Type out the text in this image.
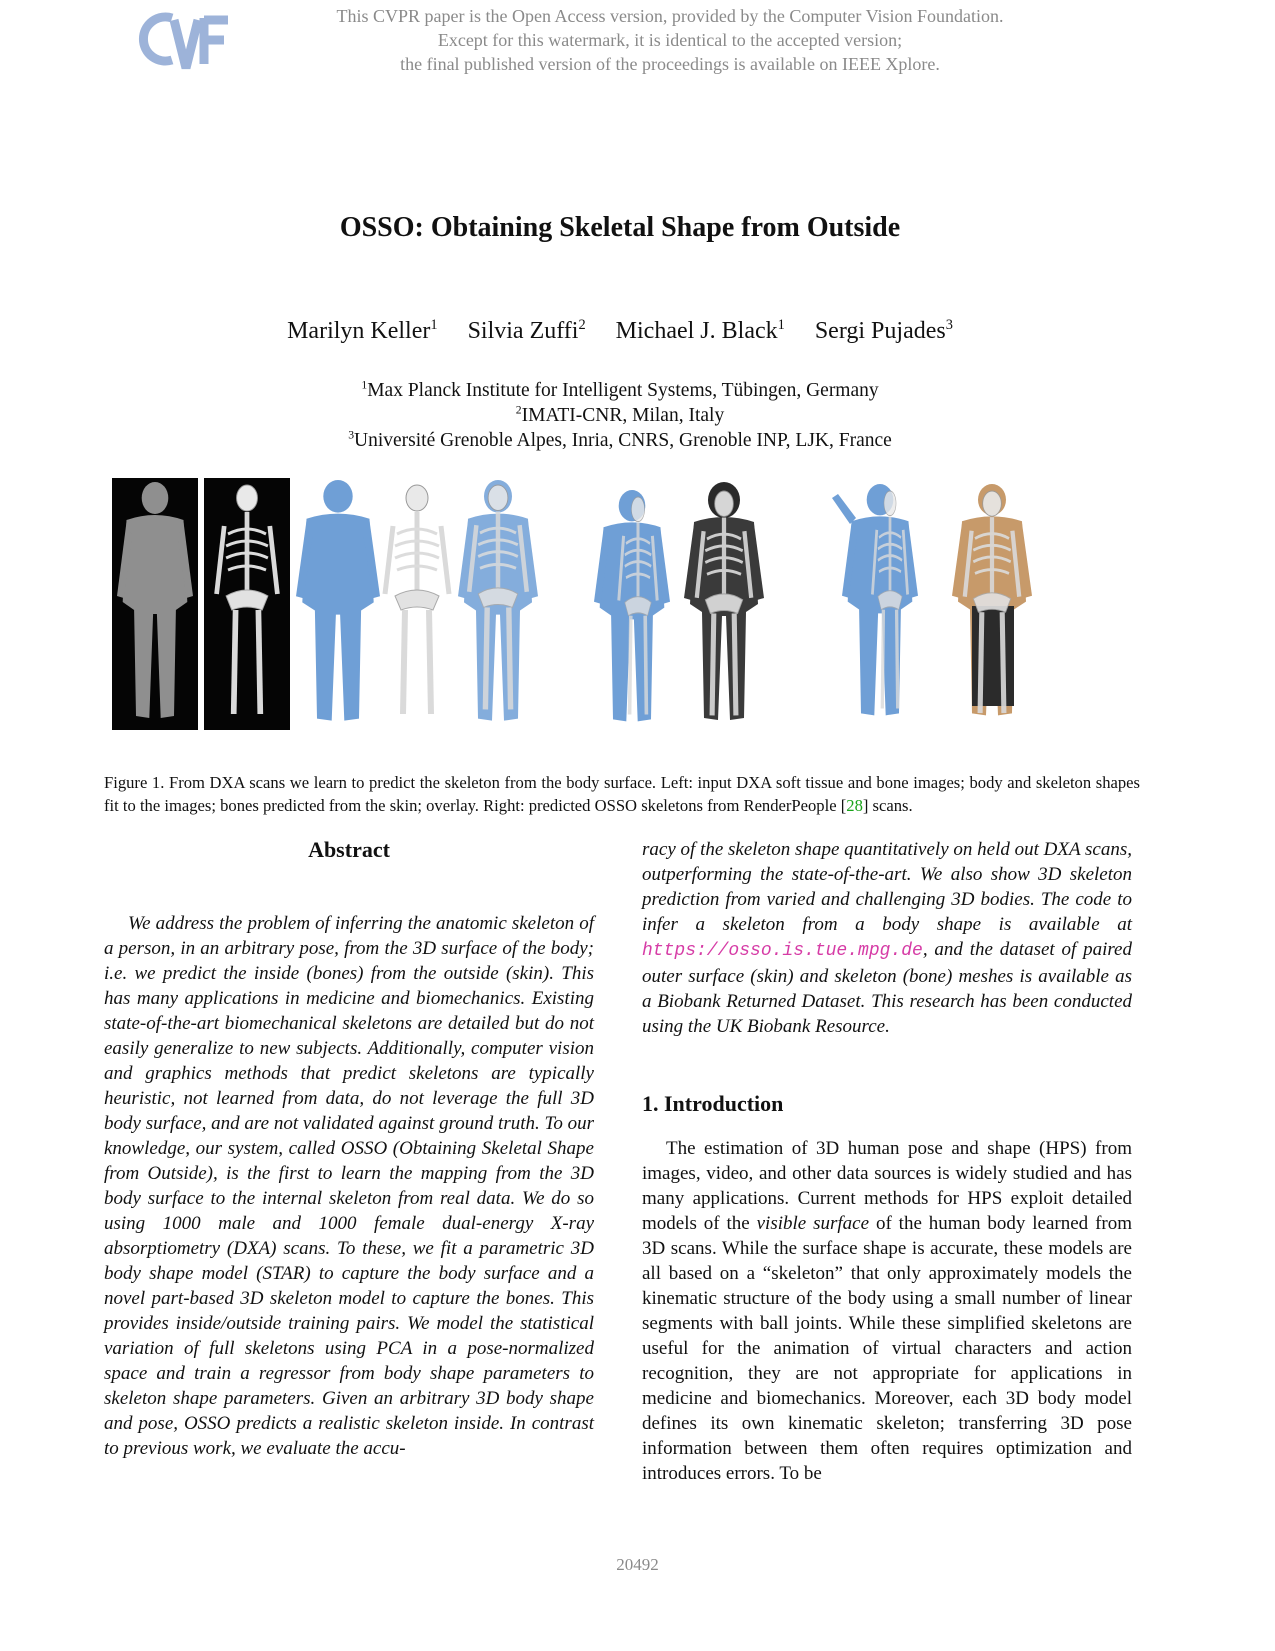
This CVPR paper is the Open Access version, provided by the Computer Vision Foundation.
Except for this watermark, it is identical to the accepted version;
the final published version of the proceedings is available on IEEE Xplore.
OSSO: Obtaining Skeletal Shape from Outside
Marilyn Keller$^1$ Silvia Zuffi$^2$ Michael J. Black$^1$ Sergi Pujades$^3$
$^1$Max Planck Institute for Intelligent Systems, Tübingen, Germany
$^2$IMATI-CNR, Milan, Italy
$^3$Université Grenoble Alpes, Inria, CNRS, Grenoble INP, LJK, France
Figure 1. From DXA scans we learn to predict the skeleton from the body surface. Left: input DXA soft tissue and bone images; body and skeleton shapes fit to the images; bones predicted from the skin; overlay. Right: predicted OSSO skeletons from RenderPeople [28] scans.
Abstract
We address the problem of inferring the anatomic skeleton of a person, in an arbitrary pose, from the 3D surface of the body; i.e. we predict the inside (bones) from the outside (skin). This has many applications in medicine and biomechanics. Existing state-of-the-art biomechanical skeletons are detailed but do not easily generalize to new subjects. Additionally, computer vision and graphics methods that predict skeletons are typically heuristic, not learned from data, do not leverage the full 3D body surface, and are not validated against ground truth. To our knowledge, our system, called OSSO (Obtaining Skeletal Shape from Outside), is the first to learn the mapping from the 3D body surface to the internal skeleton from real data. We do so using 1000 male and 1000 female dual-energy X-ray absorptiometry (DXA) scans. To these, we fit a parametric 3D body shape model (STAR) to capture the body surface and a novel part-based 3D skeleton model to capture the bones. This provides inside/outside training pairs. We model the statistical variation of full skeletons using PCA in a pose-normalized space and train a regressor from body shape parameters to skeleton shape parameters. Given an arbitrary 3D body shape and pose, OSSO predicts a realistic skeleton inside. In contrast to previous work, we evaluate the accu-
racy of the skeleton shape quantitatively on held out DXA scans, outperforming the state-of-the-art. We also show 3D skeleton prediction from varied and challenging 3D bodies. The code to infer a skeleton from a body shape is available at https://osso.is.tue.mpg.de, and the dataset of paired outer surface (skin) and skeleton (bone) meshes is available as a Biobank Returned Dataset. This research has been conducted using the UK Biobank Resource.
1. Introduction
The estimation of 3D human pose and shape (HPS) from images, video, and other data sources is widely studied and has many applications. Current methods for HPS exploit detailed models of the visible surface of the human body learned from 3D scans. While the surface shape is accurate, these models are all based on a “skeleton” that only approximately models the kinematic structure of the body using a small number of linear segments with ball joints. While these simplified skeletons are useful for the animation of virtual characters and action recognition, they are not appropriate for applications in medicine and biomechanics. Moreover, each 3D body model defines its own kinematic skeleton; transferring 3D pose information between them often requires optimization and introduces errors. To be
20492
